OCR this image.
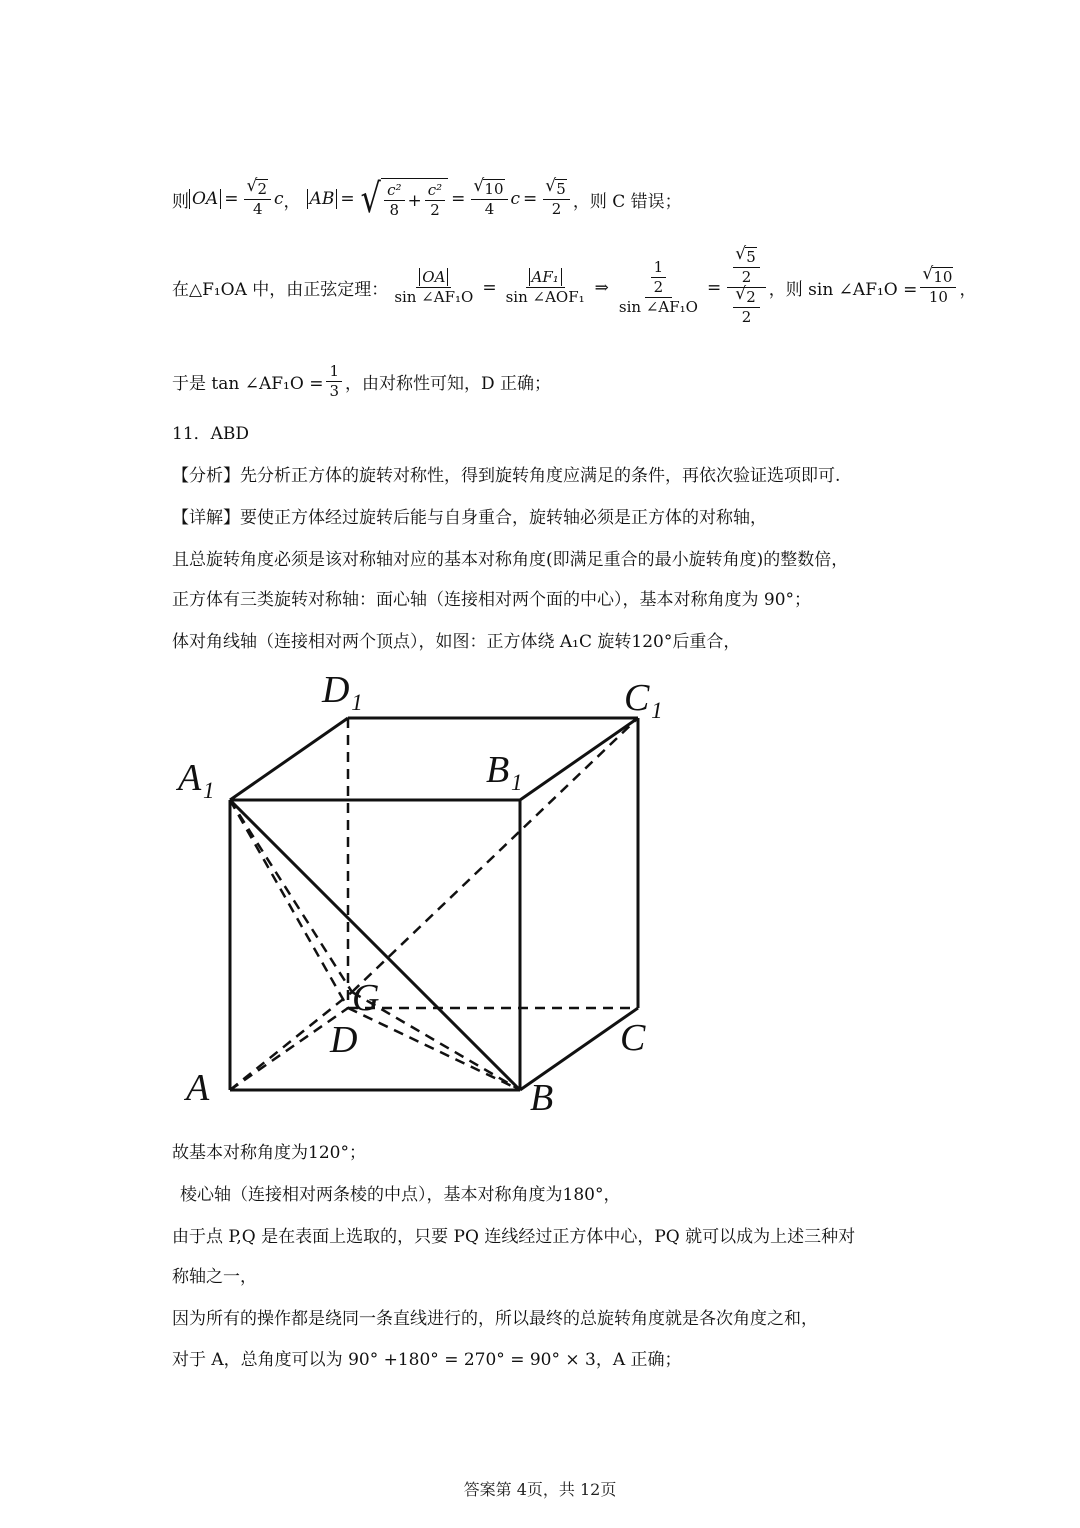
则 OA = √ $\frac{2}{4}$ c ， AB = √ $\frac{\text{c²}}{8} + \frac{\text{c²}}{2}$ = √ $\frac{10}{4}$ c = √ $\frac{5}{2}$ ，则 C 错误；
在△F₁OA 中，由正弦定理： $\frac{OA}{\text{sin ∠AF₁O}} = \frac{\text{AF₁}}{\text{sin ∠AOF₁}}$ ⇒ $\frac{\frac{1}{2}}{\text{sin ∠AF₁O}}$ = √ $\frac{5}{2}$
√ $\frac{2}{2}$ ，则 sin ∠AF₁O = √ $\frac{10}{10}$ ，
于是 tan ∠AF₁O = $\frac{1}{3}$ ，由对称性可知，D 正确；
11．ABD
【分析】先分析正方体的旋转对称性，得到旋转角度应满足的条件，再依次验证选项即可.
【详解】要使正方体经过旋转后能与自身重合，旋转轴必须是正方体的对称轴，
且总旋转角度必须是该对称轴对应的基本对称角度(即满足重合的最小旋转角度)的整数倍，
正方体有三类旋转对称轴：面心轴（连接相对两个面的中心），基本对称角度为 90°；
体对角线轴（连接相对两个顶点），如图：正方体绕 A₁C 旋转120°后重合，
D₁	C₁
A₁	B₁
G
D	C
A	B
故基本对称角度为120°；
棱心轴（连接相对两条棱的中点），基本对称角度为180°，
由于点 P,Q 是在表面上选取的，只要 PQ 连线经过正方体中心，PQ 就可以成为上述三种对
称轴之一，
因为所有的操作都是绕同一条直线进行的，所以最终的总旋转角度就是各次角度之和，
对于 A，总角度可以为 90° +180° = 270° = 90° × 3，A 正确；
答案第 4页，共 12页
